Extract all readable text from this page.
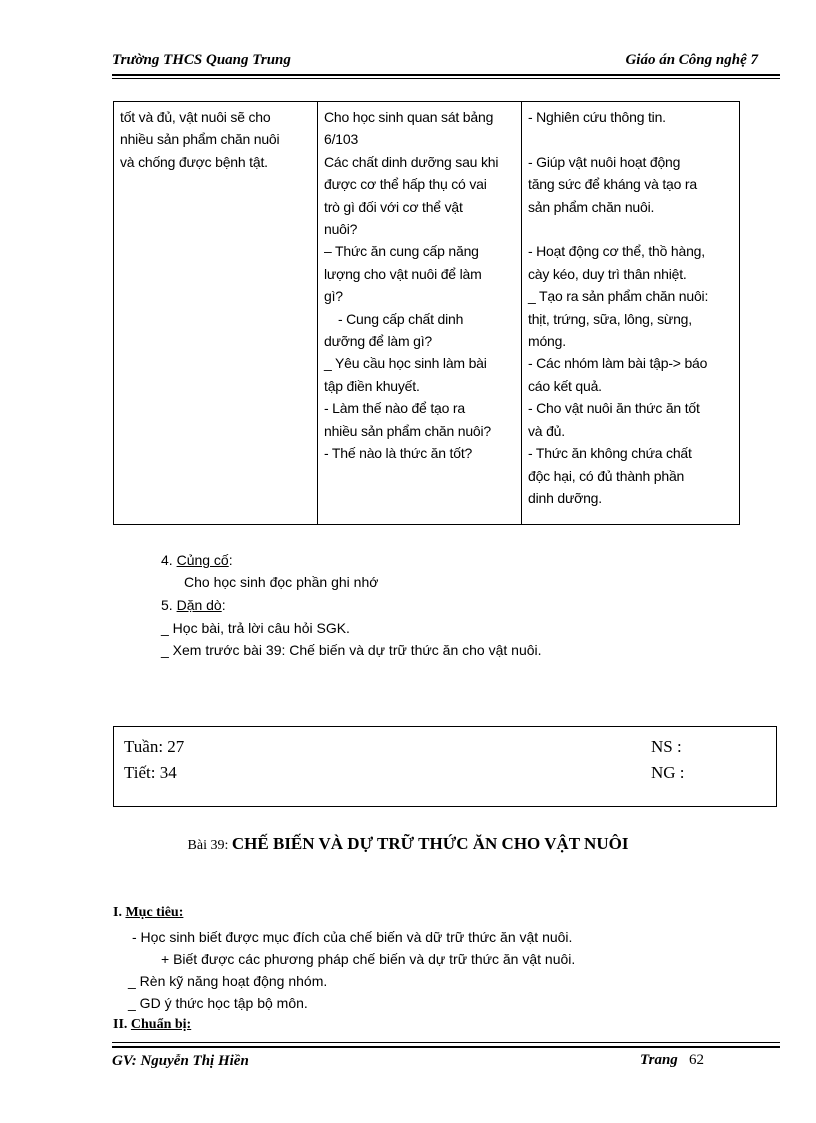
Trường THCS Quang Trung	Giáo án Công nghệ 7
tốt và đủ, vật nuôi sẽ cho
nhiều sản phẩm chăn nuôi
và chống được bệnh tật.
Cho học sinh quan sát bảng
6/103
Các chất dinh dưỡng sau khi
được cơ thể hấp thụ có vai
trò gì đối với cơ thể vật
nuôi?
– Thức ăn cung cấp năng
lượng cho vật nuôi để làm
gì?
- Cung cấp chất dinh
dưỡng để làm gì?
_ Yêu cầu học sinh làm bài
tập điền khuyết.
- Làm thế nào để tạo ra
nhiều sản phẩm chăn nuôi?
- Thế nào là thức ăn tốt?
- Nghiên cứu thông tin.

- Giúp vật nuôi hoạt động
tăng sức để kháng và tạo ra
sản phẩm chăn nuôi.

- Hoạt động cơ thể, thồ hàng,
cày kéo, duy trì thân nhiệt.
_ Tạo ra sản phẩm chăn nuôi:
thịt, trứng, sữa, lông, sừng,
móng.
- Các nhóm làm bài tập-> báo
cáo kết quả.
- Cho vật nuôi ăn thức ăn tốt
và đủ.
- Thức ăn không chứa chất
độc hại, có đủ thành phần
dinh dưỡng.
4. Củng cố:
Cho học sinh đọc phần ghi nhớ
5. Dặn dò:
_ Học bài, trả lời câu hỏi SGK.
_ Xem trước bài 39: Chế biến và dự trữ thức ăn cho vật nuôi.
Tuần: 27
Tiết: 34
NS :
NG :
Bài 39: CHẾ BIẾN VÀ DỰ TRỮ THỨC ĂN CHO VẬT NUÔI
I. Mục tiêu:
- Học sinh biết được mục đích của chế biến và dữ trữ thức ăn vật nuôi.
+ Biết được các phương pháp chế biến và dự trữ thức ăn vật nuôi.
_ Rèn kỹ năng hoạt động nhóm.
_ GD ý thức học tập bộ môn.
II. Chuẩn bị:
GV: Nguyễn Thị Hiền	Trang 62
